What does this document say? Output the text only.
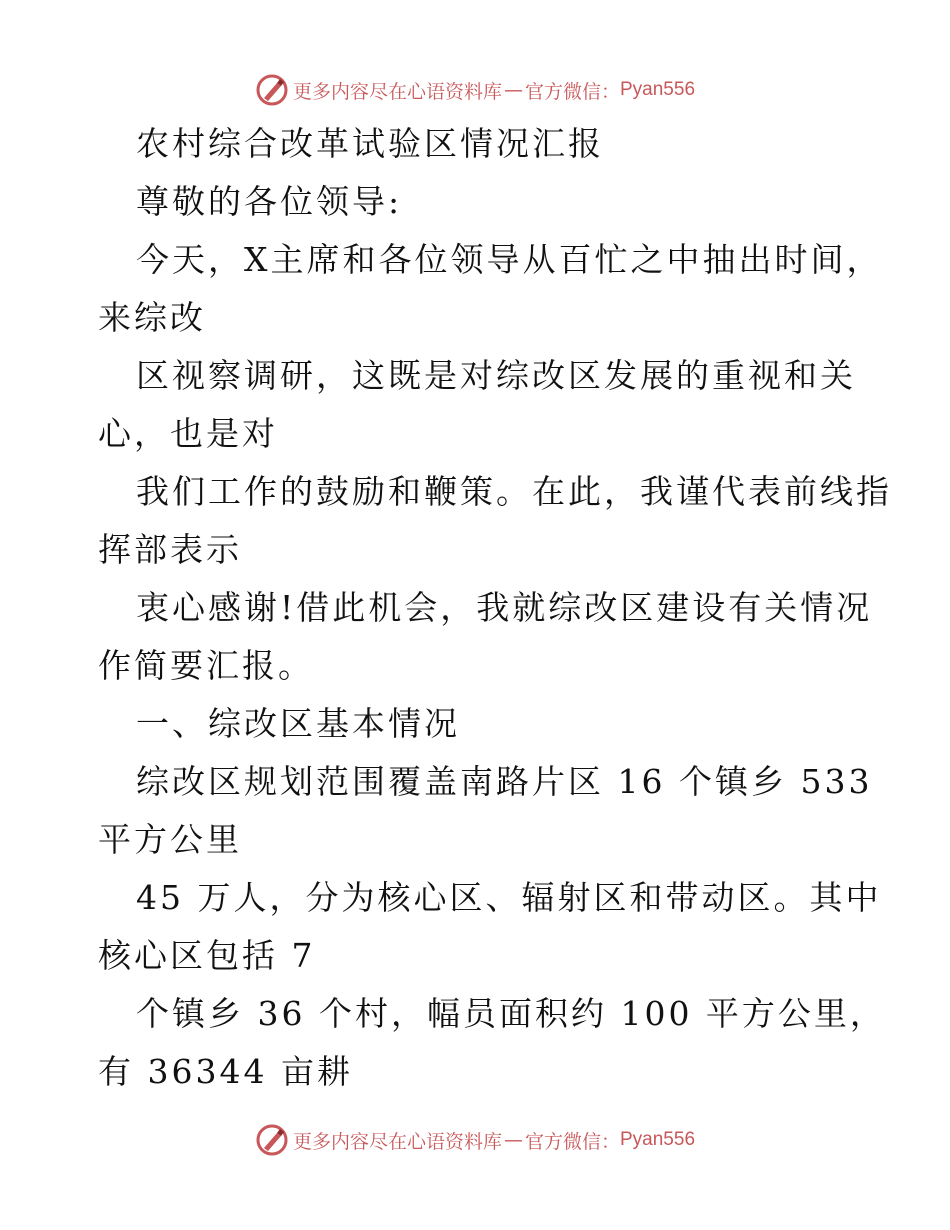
更多内容尽在心语资料库 — 官方微信： Pyan556
农村综合改革试验区情况汇报
尊敬的各位领导:
今天，X主席和各位领导从百忙之中抽出时间，
来综改
区视察调研，这既是对综改区发展的重视和关
心，也是对
我们工作的鼓励和鞭策。在此，我谨代表前线指
挥部表示
衷心感谢!借此机会，我就综改区建设有关情况
作简要汇报。
一、综改区基本情况
综改区规划范围覆盖南路片区 16 个镇乡 533
平方公里
45 万人，分为核心区、辐射区和带动区。其中
核心区包括 7
个镇乡 36 个村，幅员面积约 100 平方公里，
有 36344 亩耕
更多内容尽在心语资料库 — 官方微信： Pyan556
